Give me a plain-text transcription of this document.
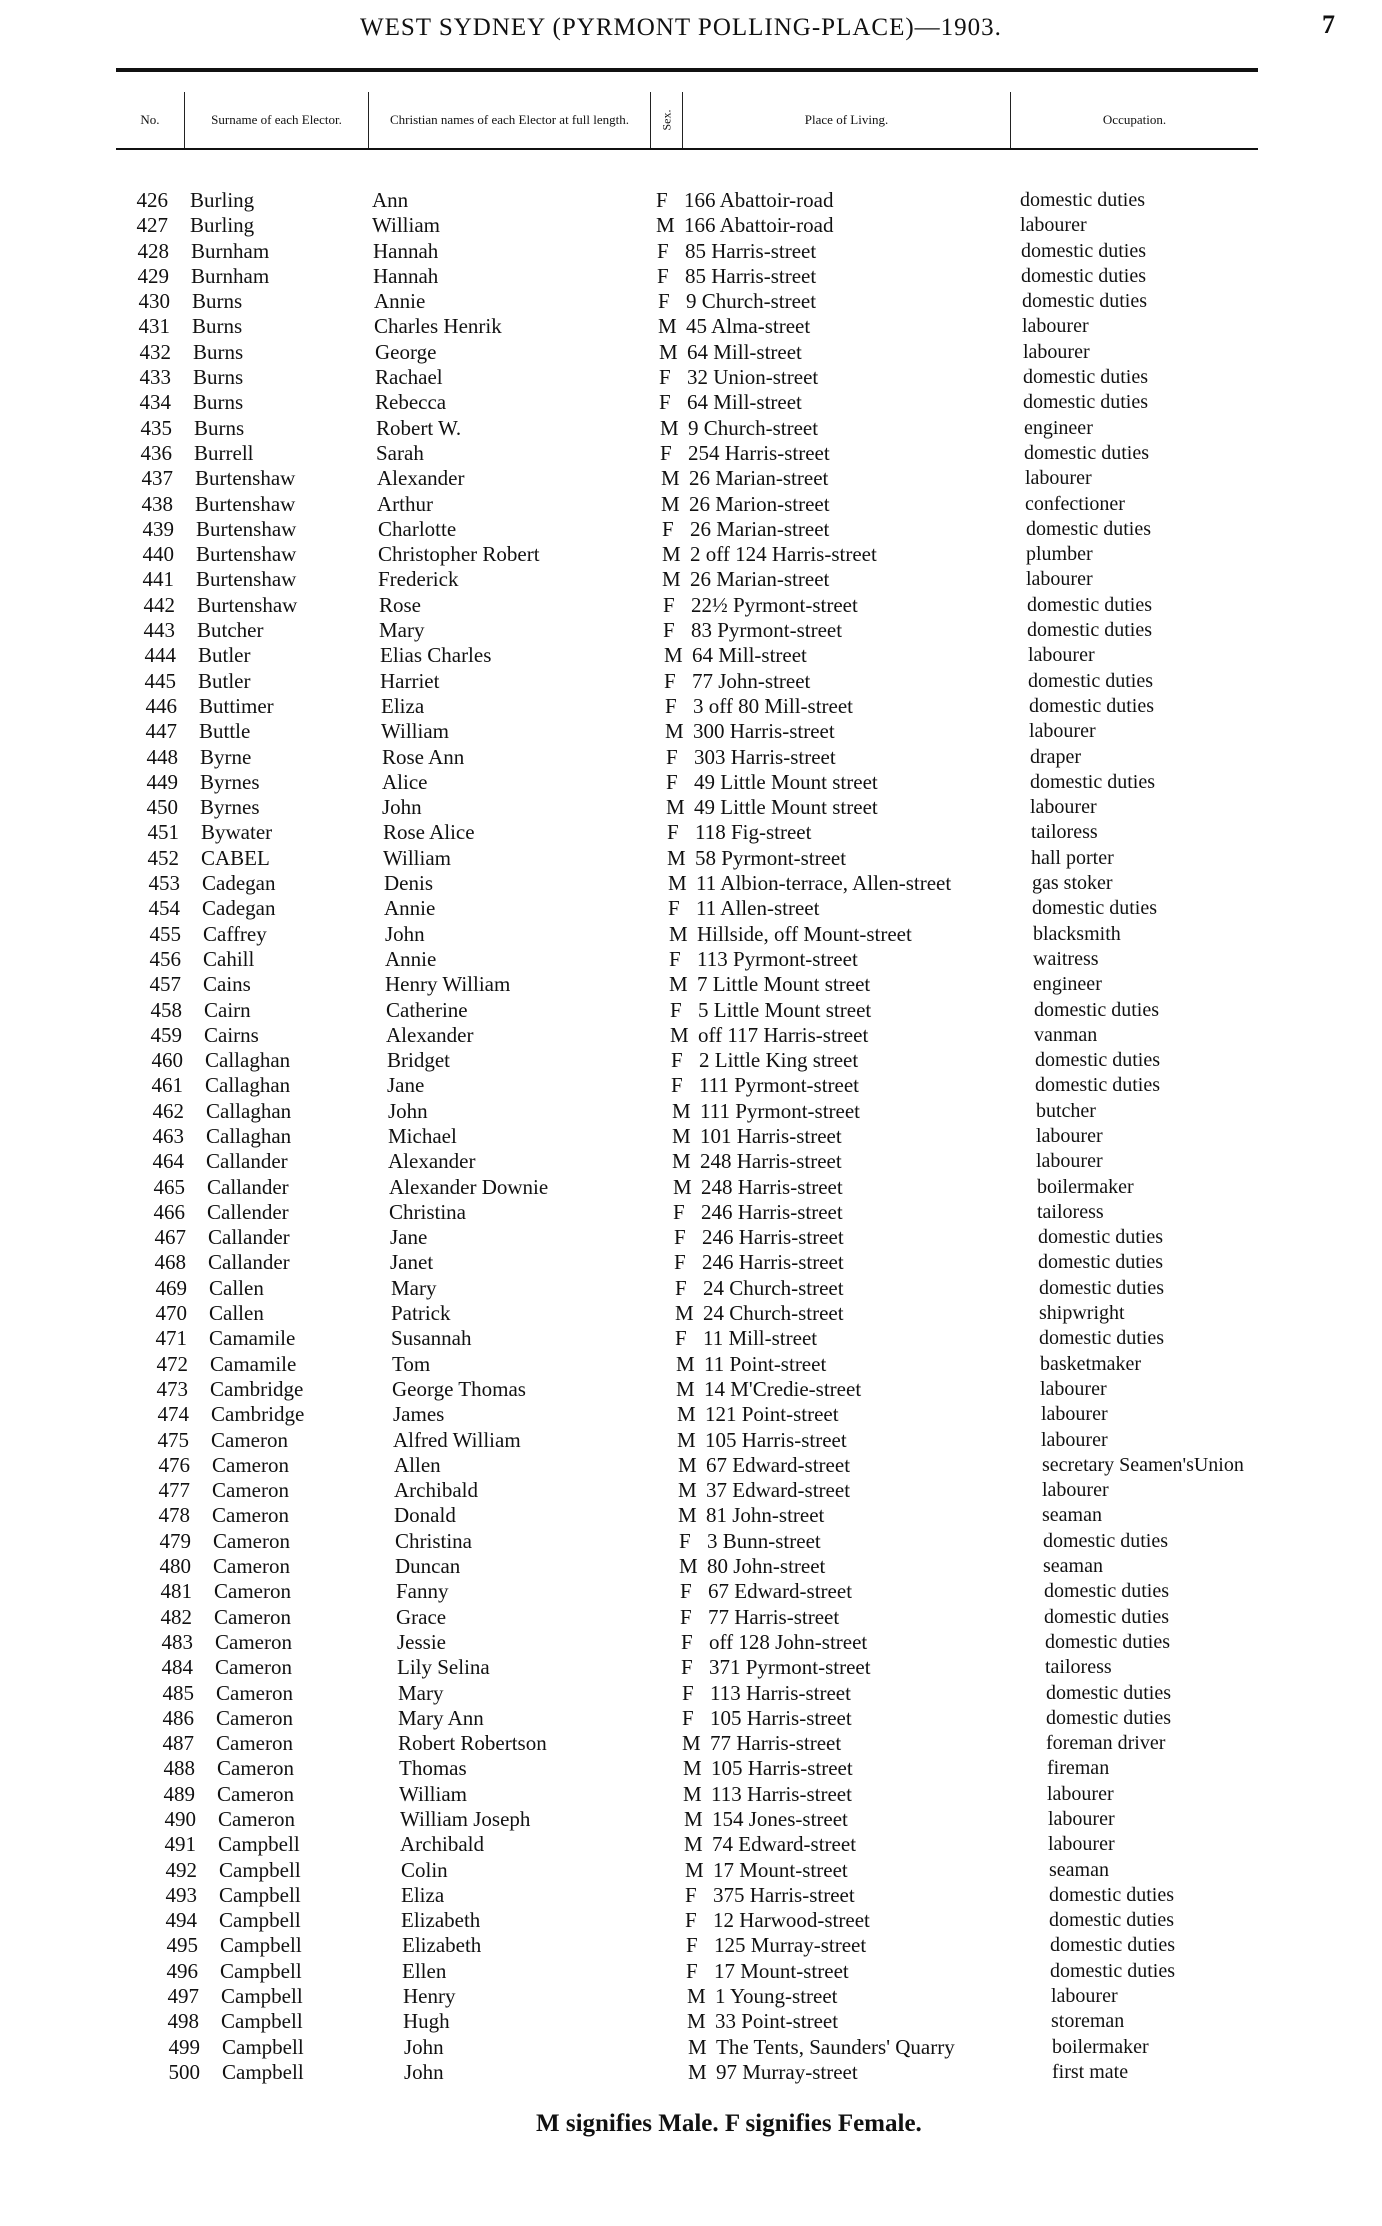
WEST SYDNEY (PYRMONT POLLING-PLACE)—1903.	7
No.	Surname of each Elector.	Christian names of each Elector at full length.	Sex.	Place of Living.	Occupation.
426 Burling	Ann	F 166 Abattoir-road	domestic duties
427 Burling	William	M 166 Abattoir-road	labourer
428 Burnham	Hannah	F 85 Harris-street	domestic duties
429 Burnham	Hannah	F 85 Harris-street	domestic duties
430 Burns	Annie	F 9 Church-street	domestic duties
431 Burns	Charles Henrik	M 45 Alma-street	labourer
432 Burns	George	M 64 Mill-street	labourer
433 Burns	Rachael	F 32 Union-street	domestic duties
434 Burns	Rebecca	F 64 Mill-street	domestic duties
435 Burns	Robert W.	M 9 Church-street	engineer
436 Burrell	Sarah	F 254 Harris-street	domestic duties
437 Burtenshaw	Alexander	M 26 Marian-street	labourer
438 Burtenshaw	Arthur	M 26 Marion-street	confectioner
439 Burtenshaw	Charlotte	F 26 Marian-street	domestic duties
440 Burtenshaw	Christopher Robert	M 2 off 124 Harris-street	plumber
441 Burtenshaw	Frederick	M 26 Marian-street	labourer
442 Burtenshaw	Rose	F 22½ Pyrmont-street	domestic duties
443 Butcher	Mary	F 83 Pyrmont-street	domestic duties
444 Butler	Elias Charles	M 64 Mill-street	labourer
445 Butler	Harriet	F 77 John-street	domestic duties
446 Buttimer	Eliza	F 3 off 80 Mill-street	domestic duties
447 Buttle	William	M 300 Harris-street	labourer
448 Byrne	Rose Ann	F 303 Harris-street	draper
449 Byrnes	Alice	F 49 Little Mount street	domestic duties
450 Byrnes	John	M 49 Little Mount street	labourer
451 Bywater	Rose Alice	F 118 Fig-street	tailoress
452 CABEL	William	M 58 Pyrmont-street	hall porter
453 Cadegan	Denis	M 11 Albion-terrace, Allen-street	gas stoker
454 Cadegan	Annie	F 11 Allen-street	domestic duties
455 Caffrey	John	M Hillside, off Mount-street	blacksmith
456 Cahill	Annie	F 113 Pyrmont-street	waitress
457 Cains	Henry William	M 7 Little Mount street	engineer
458 Cairn	Catherine	F 5 Little Mount street	domestic duties
459 Cairns	Alexander	M off 117 Harris-street	vanman
460 Callaghan	Bridget	F 2 Little King street	domestic duties
461 Callaghan	Jane	F 111 Pyrmont-street	domestic duties
462 Callaghan	John	M 111 Pyrmont-street	butcher
463 Callaghan	Michael	M 101 Harris-street	labourer
464 Callander	Alexander	M 248 Harris-street	labourer
465 Callander	Alexander Downie	M 248 Harris-street	boilermaker
466 Callender	Christina	F 246 Harris-street	tailoress
467 Callander	Jane	F 246 Harris-street	domestic duties
468 Callander	Janet	F 246 Harris-street	domestic duties
469 Callen	Mary	F 24 Church-street	domestic duties
470 Callen	Patrick	M 24 Church-street	shipwright
471 Camamile	Susannah	F 11 Mill-street	domestic duties
472 Camamile	Tom	M 11 Point-street	basketmaker
473 Cambridge	George Thomas	M 14 M'Credie-street	labourer
474 Cambridge	James	M 121 Point-street	labourer
475 Cameron	Alfred William	M 105 Harris-street	labourer
476 Cameron	Allen	M 67 Edward-street	secretary Seamen'sUnion
477 Cameron	Archibald	M 37 Edward-street	labourer
478 Cameron	Donald	M 81 John-street	seaman
479 Cameron	Christina	F 3 Bunn-street	domestic duties
480 Cameron	Duncan	M 80 John-street	seaman
481 Cameron	Fanny	F 67 Edward-street	domestic duties
482 Cameron	Grace	F 77 Harris-street	domestic duties
483 Cameron	Jessie	F off 128 John-street	domestic duties
484 Cameron	Lily Selina	F 371 Pyrmont-street	tailoress
485 Cameron	Mary	F 113 Harris-street	domestic duties
486 Cameron	Mary Ann	F 105 Harris-street	domestic duties
487 Cameron	Robert Robertson	M 77 Harris-street	foreman driver
488 Cameron	Thomas	M 105 Harris-street	fireman
489 Cameron	William	M 113 Harris-street	labourer
490 Cameron	William Joseph	M 154 Jones-street	labourer
491 Campbell	Archibald	M 74 Edward-street	labourer
492 Campbell	Colin	M 17 Mount-street	seaman
493 Campbell	Eliza	F 375 Harris-street	domestic duties
494 Campbell	Elizabeth	F 12 Harwood-street	domestic duties
495 Campbell	Elizabeth	F 125 Murray-street	domestic duties
496 Campbell	Ellen	F 17 Mount-street	domestic duties
497 Campbell	Henry	M 1 Young-street	labourer
498 Campbell	Hugh	M 33 Point-street	storeman
499 Campbell	John	M The Tents, Saunders' Quarry	boilermaker
500 Campbell	John	M 97 Murray-street	first mate
M signifies Male. F signifies Female.
